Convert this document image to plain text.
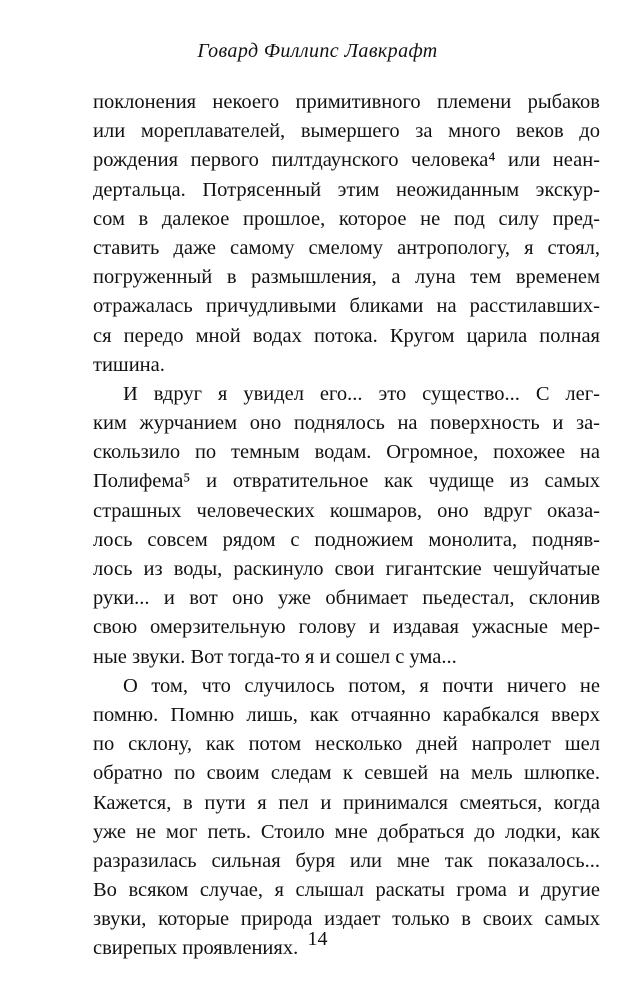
Говард Филлипс Лавкрафт

поклонения некоего примитивного племени рыбаков
или мореплавателей, вымершего за много веков до
рождения первого пилтдаунского человека⁴ или неан-
дертальца. Потрясенный этим неожиданным экскур-
сом в далекое прошлое, которое не под силу пред-
ставить даже самому смелому антропологу, я стоял,
погруженный в размышления, а луна тем временем
отражалась причудливыми бликами на расстилавших-
ся передо мной водах потока. Кругом царила полная
тишина.

И вдруг я увидел его... это существо... С лег-
ким журчанием оно поднялось на поверхность и за-
скользило по темным водам. Огромное, похожее на
Полифема⁵ и отвратительное как чудище из самых
страшных человеческих кошмаров, оно вдруг оказа-
лось совсем рядом с подножием монолита, подняв-
лось из воды, раскинуло свои гигантские чешуйчатые
руки... и вот оно уже обнимает пьедестал, склонив
свою омерзительную голову и издавая ужасные мер-
ные звуки. Вот тогда-то я и сошел с ума...

О том, что случилось потом, я почти ничего не
помню. Помню лишь, как отчаянно карабкался вверх
по склону, как потом несколько дней напролет шел
обратно по своим следам к севшей на мель шлюпке.
Кажется, в пути я пел и принимался смеяться, когда
уже не мог петь. Стоило мне добраться до лодки, как
разразилась сильная буря или мне так показалось...
Во всяком случае, я слышал раскаты грома и другие
звуки, которые природа издает только в своих самых
свирепых проявлениях. 14
